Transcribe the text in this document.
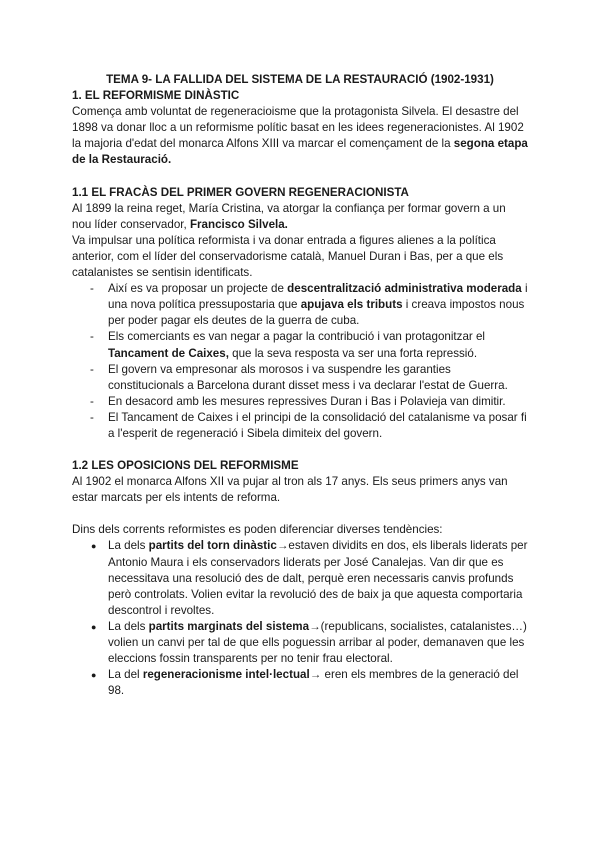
TEMA 9- LA FALLIDA DEL SISTEMA DE LA RESTAURACIÓ (1902-1931)

1. EL REFORMISME DINÀSTIC

Comença amb voluntat de regeneracioisme que la protagonista Silvela. El desastre del 1898 va donar lloc a un reformisme polític basat en les idees regeneracionistes. Al 1902 la majoria d'edat del monarca Alfons XIII va marcar el començament de la segona etapa de la Restauració.

1.1 EL FRACÀS DEL PRIMER GOVERN REGENERACIONISTA

Al 1899 la reina reget, María Cristina, va atorgar la confiança per formar govern a un nou líder conservador, Francisco Silvela.

Va impulsar una política reformista i va donar entrada a figures alienes a la política anterior, com el líder del conservadorisme català, Manuel Duran i Bas, per a que els catalanistes se sentisin identificats.

- Així es va proposar un projecte de descentralització administrativa moderada i una nova política pressupostaria que apujava els tributs i creava impostos nous per poder pagar els deutes de la guerra de cuba.
- Els comerciants es van negar a pagar la contribució i van protagonitzar el Tancament de Caixes, que la seva resposta va ser una forta repressió.
- El govern va empresonar als morosos i va suspendre les garanties constitucionals a Barcelona durant disset mess i va declarar l'estat de Guerra.
- En desacord amb les mesures repressives Duran i Bas i Polavieja van dimitir.
- El Tancament de Caixes i el principi de la consolidació del catalanisme va posar fi a l'esperit de regeneració i Sibela dimiteix del govern.

1.2 LES OPOSICIONS DEL REFORMISME

Al 1902 el monarca Alfons XII va pujar al tron als 17 anys. Els seus primers anys van estar marcats per els intents de reforma.

Dins dels corrents reformistes es poden diferenciar diverses tendències:

● La dels partits del torn dinàstic→estaven dividits en dos, els liberals liderats per Antonio Maura i els conservadors liderats per José Canalejas. Van dir que es necessitava una resolució des de dalt, perquè eren necessaris canvis profunds però controlats. Volien evitar la revolució des de baix ja que aquesta comportaria descontrol i revoltes.
● La dels partits marginats del sistema→(republicans, socialistes, catalanistes…) volien un canvi per tal de que ells poguessin arribar al poder, demanaven que les eleccions fossin transparents per no tenir frau electoral.
● La del regeneracionisme intel·lectual→ eren els membres de la generació del 98.
